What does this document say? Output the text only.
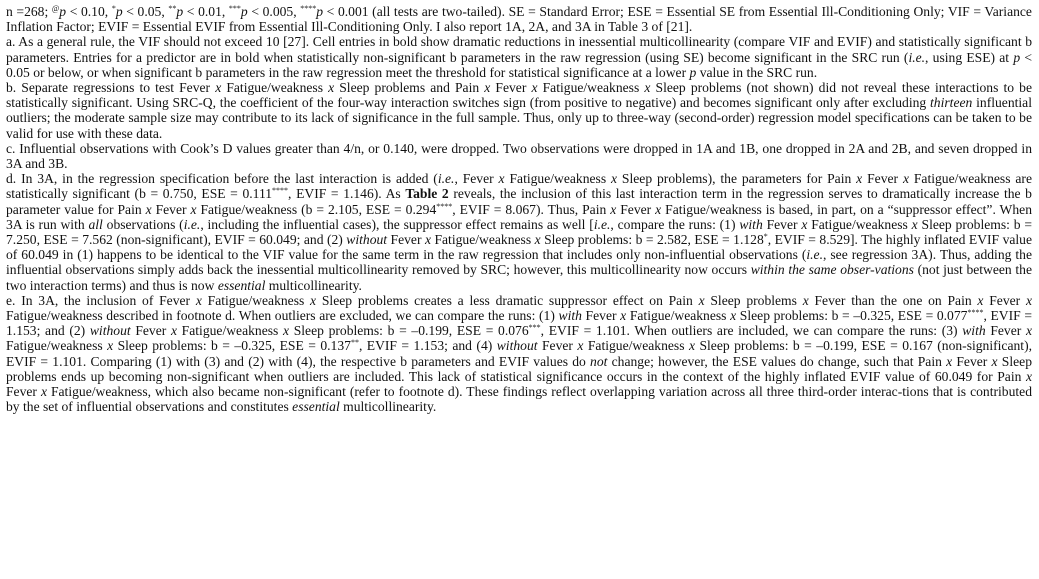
n =268; @p < 0.10, *p < 0.05, **p < 0.01, ***p < 0.005, ****p < 0.001 (all tests are two-tailed). SE = Standard Error; ESE = Essential SE from Essential Ill-Conditioning Only; VIF = Variance Inflation Factor; EVIF = Essential EVIF from Essential Ill-Conditioning Only. I also report 1A, 2A, and 3A in Table 3 of [21].

a. As a general rule, the VIF should not exceed 10 [27]. Cell entries in bold show dramatic reductions in inessential multicollinearity (compare VIF and EVIF) and statistically significant b parameters. Entries for a predictor are in bold when statistically non-significant b parameters in the raw regression (using SE) become significant in the SRC run (i.e., using ESE) at p < 0.05 or below, or when significant b parameters in the raw regression meet the threshold for statistical significance at a lower p value in the SRC run.

b. Separate regressions to test Fever x Fatigue/weakness x Sleep problems and Pain x Fever x Fatigue/weakness x Sleep problems (not shown) did not reveal these interactions to be statistically significant. Using SRC-Q, the coefficient of the four-way interaction switches sign (from positive to negative) and becomes significant only after excluding thirteen influential outliers; the moderate sample size may contribute to its lack of significance in the full sample. Thus, only up to three-way (second-order) regression model specifications can be taken to be valid for use with these data.

c. Influential observations with Cook’s D values greater than 4/n, or 0.140, were dropped. Two observations were dropped in 1A and 1B, one dropped in 2A and 2B, and seven dropped in 3A and 3B.

d. In 3A, in the regression specification before the last interaction is added (i.e., Fever x Fatigue/weakness x Sleep problems), the parameters for Pain x Fever x Fatigue/weakness are statistically significant (b = 0.750, ESE = 0.111****, EVIF = 1.146). As Table 2 reveals, the inclusion of this last interaction term in the regression serves to dramatically increase the b parameter value for Pain x Fever x Fatigue/weakness (b = 2.105, ESE = 0.294****, EVIF = 8.067). Thus, Pain x Fever x Fatigue/weakness is based, in part, on a “suppressor effect”. When 3A is run with all observations (i.e., including the influential cases), the suppressor effect remains as well [i.e., compare the runs: (1) with Fever x Fatigue/weakness x Sleep problems: b = 7.250, ESE = 7.562 (non-significant), EVIF = 60.049; and (2) without Fever x Fatigue/weakness x Sleep problems: b = 2.582, ESE = 1.128*, EVIF = 8.529]. The highly inflated EVIF value of 60.049 in (1) happens to be identical to the VIF value for the same term in the raw regression that includes only non-influential observations (i.e., see regression 3A). Thus, adding the influential observations simply adds back the inessential multicollinearity removed by SRC; however, this multicollinearity now occurs within the same obser-vations (not just between the two interaction terms) and thus is now essential multicollinearity.

e. In 3A, the inclusion of Fever x Fatigue/weakness x Sleep problems creates a less dramatic suppressor effect on Pain x Sleep problems x Fever than the one on Pain x Fever x Fatigue/weakness described in footnote d. When outliers are excluded, we can compare the runs: (1) with Fever x Fatigue/weakness x Sleep problems: b = –0.325, ESE = 0.077****, EVIF = 1.153; and (2) without Fever x Fatigue/weakness x Sleep problems: b = –0.199, ESE = 0.076***, EVIF = 1.101. When outliers are included, we can compare the runs: (3) with Fever x Fatigue/weakness x Sleep problems: b = –0.325, ESE = 0.137**, EVIF = 1.153; and (4) without Fever x Fatigue/weakness x Sleep problems: b = –0.199, ESE = 0.167 (non-significant), EVIF = 1.101. Comparing (1) with (3) and (2) with (4), the respective b parameters and EVIF values do not change; however, the ESE values do change, such that Pain x Fever x Sleep problems ends up becoming non-significant when outliers are included. This lack of statistical significance occurs in the context of the highly inflated EVIF value of 60.049 for Pain x Fever x Fatigue/weakness, which also became non-significant (refer to footnote d). These findings reflect overlapping variation across all three third-order interac-tions that is contributed by the set of influential observations and constitutes essential multicollinearity.
